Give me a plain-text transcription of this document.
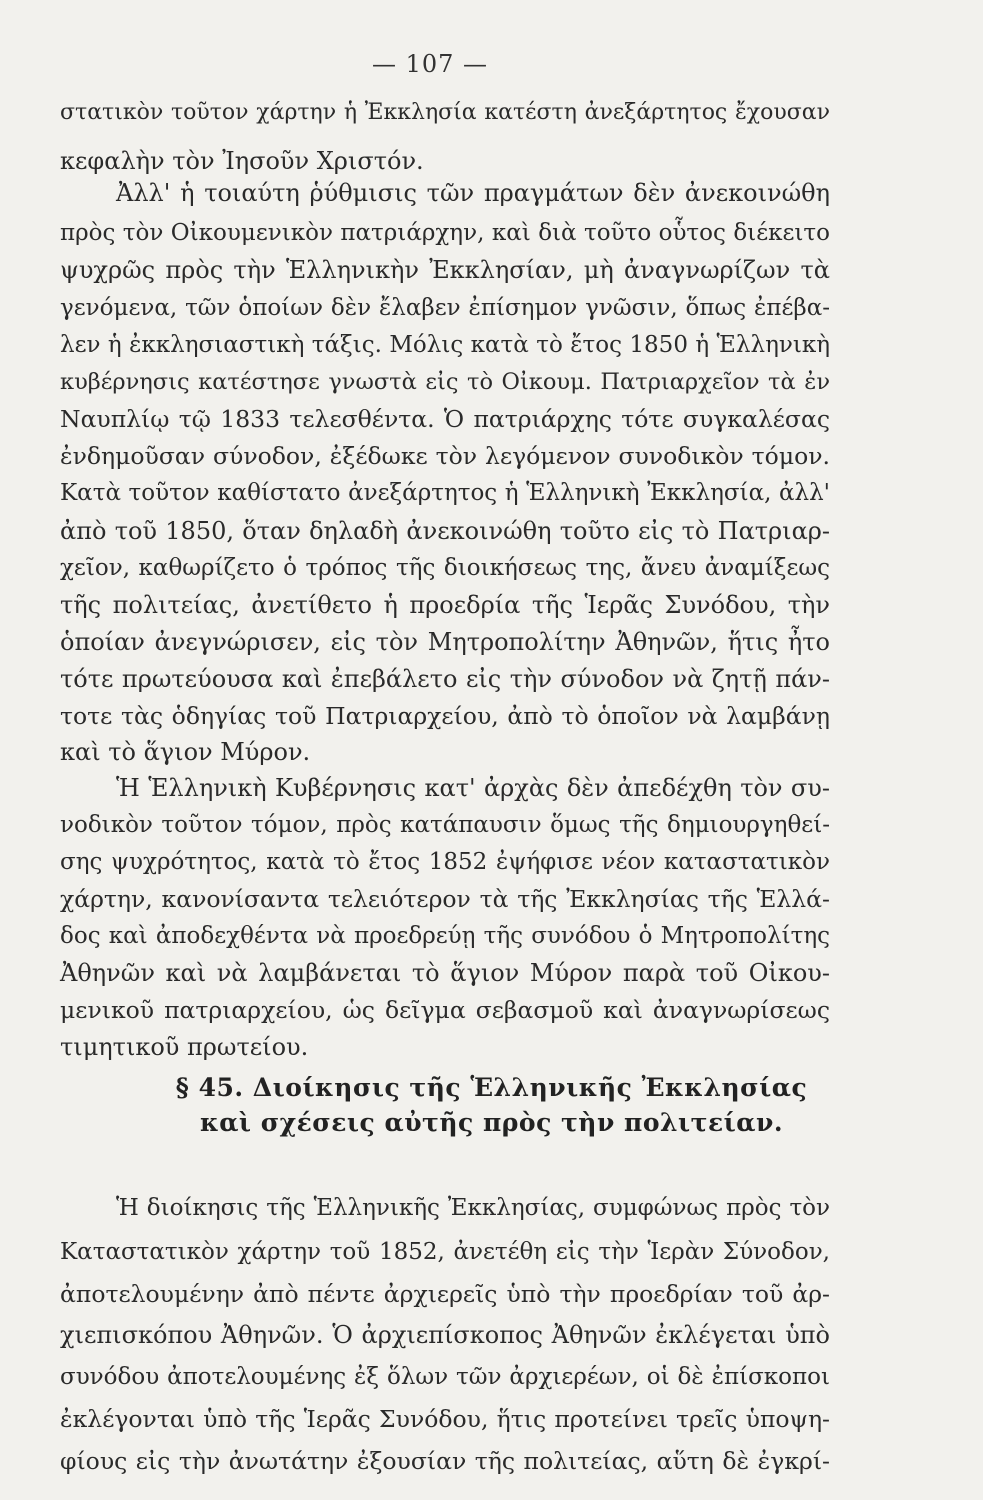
— 107 —
στατικὸν τοῦτον χάρτην ἡ Ἐκκλησία κατέστη ἀνεξάρτητος ἔχουσαν
κεφαλὴν τὸν Ἰησοῦν Χριστόν.
Ἀλλ' ἡ τοιαύτη ῥύθμισις τῶν πραγμάτων δὲν ἀνεκοινώθη
πρὸς τὸν Οἰκουμενικὸν πατριάρχην, καὶ διὰ τοῦτο οὗτος διέκειτο
ψυχρῶς πρὸς τὴν Ἑλληνικὴν Ἐκκλησίαν, μὴ ἀναγνωρίζων τὰ
γενόμενα, τῶν ὁποίων δὲν ἔλαβεν ἐπίσημον γνῶσιν, ὅπως ἐπέβα-
λεν ἡ ἐκκλησιαστικὴ τάξις. Μόλις κατὰ τὸ ἔτος 1850 ἡ Ἑλληνικὴ
κυβέρνησις κατέστησε γνωστὰ εἰς τὸ Οἰκουμ. Πατριαρχεῖον τὰ ἐν
Ναυπλίῳ τῷ 1833 τελεσθέντα. Ὁ πατριάρχης τότε συγκαλέσας
ἐνδημοῦσαν σύνοδον, ἐξέδωκε τὸν λεγόμενον συνοδικὸν τόμον.
Κατὰ τοῦτον καθίστατο ἀνεξάρτητος ἡ Ἑλληνικὴ Ἐκκλησία, ἀλλ'
ἀπὸ τοῦ 1850, ὅταν δηλαδὴ ἀνεκοινώθη τοῦτο εἰς τὸ Πατριαρ-
χεῖον, καθωρίζετο ὁ τρόπος τῆς διοικήσεως της, ἄνευ ἀναμίξεως
τῆς πολιτείας, ἀνετίθετο ἡ προεδρία τῆς Ἱερᾶς Συνόδου, τὴν
ὁποίαν ἀνεγνώρισεν, εἰς τὸν Μητροπολίτην Ἀθηνῶν, ἥτις ἦτο
τότε πρωτεύουσα καὶ ἐπεβάλετο εἰς τὴν σύνοδον νὰ ζητῇ πάν-
τοτε τὰς ὁδηγίας τοῦ Πατριαρχείου, ἀπὸ τὸ ὁποῖον νὰ λαμβάνῃ
καὶ τὸ ἅγιον Μύρον.
Ἡ Ἑλληνικὴ Κυβέρνησις κατ' ἀρχὰς δὲν ἀπεδέχθη τὸν συ-
νοδικὸν τοῦτον τόμον, πρὸς κατάπαυσιν ὅμως τῆς δημιουργηθεί-
σης ψυχρότητος, κατὰ τὸ ἔτος 1852 ἐψήφισε νέον καταστατικὸν
χάρτην, κανονίσαντα τελειότερον τὰ τῆς Ἐκκλησίας τῆς Ἑλλά-
δος καὶ ἀποδεχθέντα νὰ προεδρεύῃ τῆς συνόδου ὁ Μητροπολίτης
Ἀθηνῶν καὶ νὰ λαμβάνεται τὸ ἅγιον Μύρον παρὰ τοῦ Οἰκου-
μενικοῦ πατριαρχείου, ὡς δεῖγμα σεβασμοῦ καὶ ἀναγνωρίσεως
τιμητικοῦ πρωτείου.
§ 45. Διοίκησις τῆς Ἑλληνικῆς Ἐκκλησίας
καὶ σχέσεις αὐτῆς πρὸς τὴν πολιτείαν.
Ἡ διοίκησις τῆς Ἑλληνικῆς Ἐκκλησίας, συμφώνως πρὸς τὸν
Καταστατικὸν χάρτην τοῦ 1852, ἀνετέθη εἰς τὴν Ἱερὰν Σύνοδον,
ἀποτελουμένην ἀπὸ πέντε ἀρχιερεῖς ὑπὸ τὴν προεδρίαν τοῦ ἀρ-
χιεπισκόπου Ἀθηνῶν. Ὁ ἀρχιεπίσκοπος Ἀθηνῶν ἐκλέγεται ὑπὸ
συνόδου ἀποτελουμένης ἐξ ὅλων τῶν ἀρχιερέων, οἱ δὲ ἐπίσκοποι
ἐκλέγονται ὑπὸ τῆς Ἱερᾶς Συνόδου, ἥτις προτείνει τρεῖς ὑποψη-
φίους εἰς τὴν ἀνωτάτην ἐξουσίαν τῆς πολιτείας, αὕτη δὲ ἐγκρί-
